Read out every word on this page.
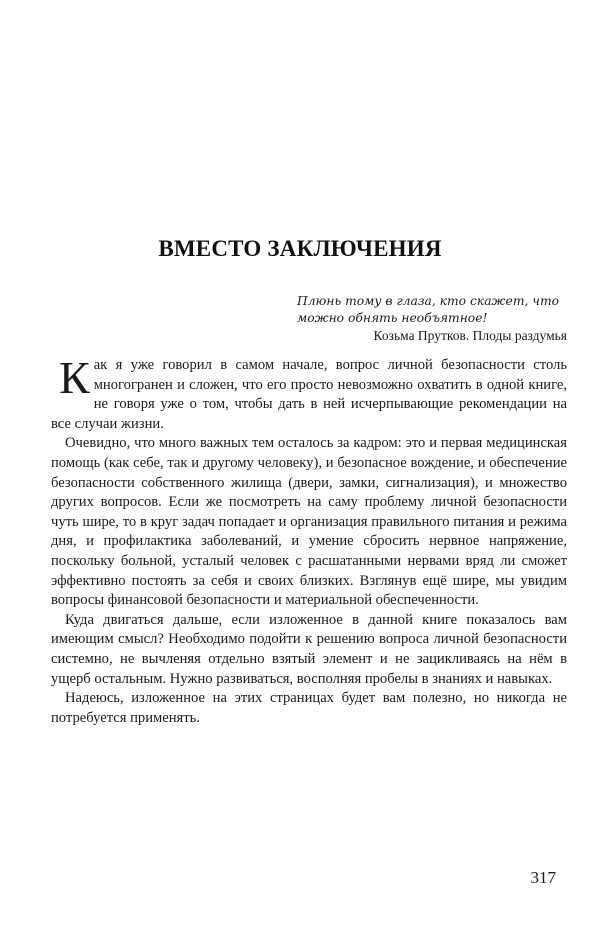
ВМЕСТО ЗАКЛЮЧЕНИЯ

Плюнь тому в глаза, кто скажет, что можно обнять необъятное!

Козьма Прутков. Плоды раздумья

Как я уже говорил в самом начале, вопрос личной безопасности столь многогранен и сложен, что его просто невозможно охватить в одной книге, не говоря уже о том, чтобы дать в ней исчерпывающие рекомендации на все случаи жизни.

Очевидно, что много важных тем осталось за кадром: это и первая медицинская помощь (как себе, так и другому человеку), и безопасное вождение, и обеспечение безопасности собственного жилища (двери, замки, сигнализация), и множество других вопросов. Если же посмотреть на саму проблему личной безопасности чуть шире, то в круг задач попадает и организация правильного питания и режима дня, и профилактика заболеваний, и умение сбросить нервное напряжение, поскольку больной, усталый человек с расшатанными нервами вряд ли сможет эффективно постоять за себя и своих близких. Взглянув ещё шире, мы увидим вопросы финансовой безопасности и материальной обеспеченности.

Куда двигаться дальше, если изложенное в данной книге показалось вам имеющим смысл? Необходимо подойти к решению вопроса личной безопасности системно, не вычленяя отдельно взятый элемент и не зацикливаясь на нём в ущерб остальным. Нужно развиваться, восполняя пробелы в знаниях и навыках.

Надеюсь, изложенное на этих страницах будет вам полезно, но никогда не потребуется применять.

317
